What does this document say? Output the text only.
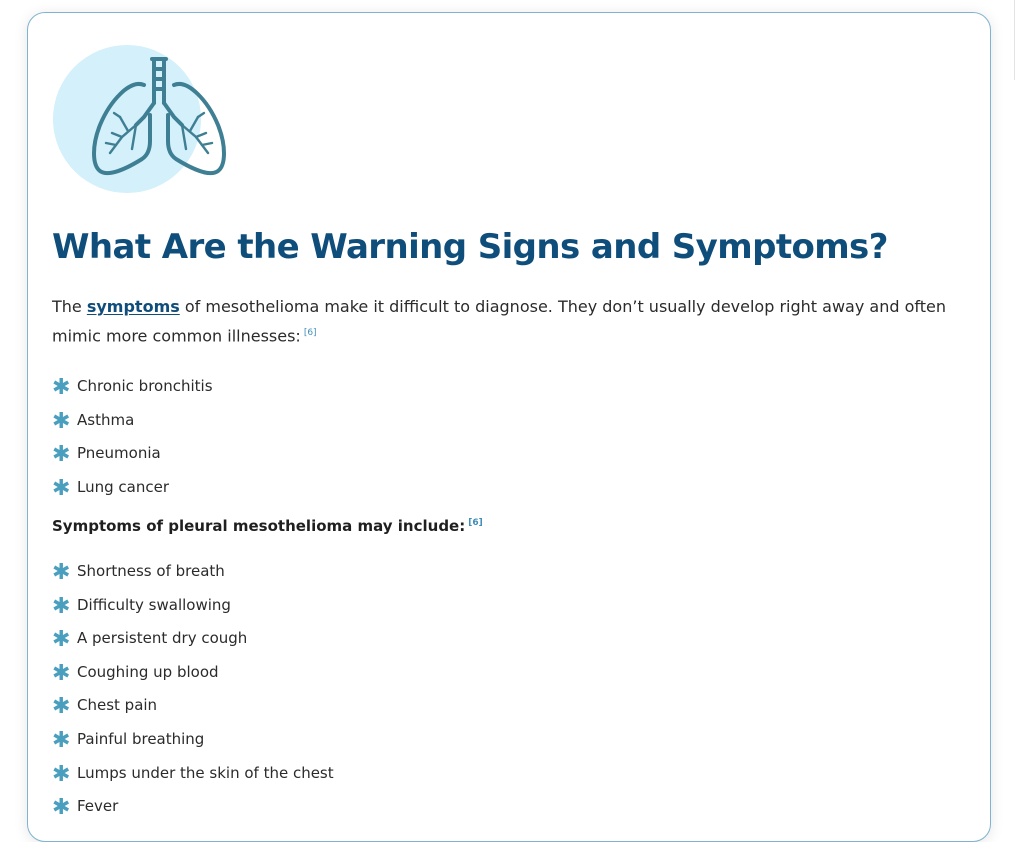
What Are the Warning Signs and Symptoms?

The symptoms of mesothelioma make it difficult to diagnose. They don’t usually develop right away and often mimic more common illnesses: [6]

✱ Chronic bronchitis
✱ Asthma
✱ Pneumonia
✱ Lung cancer

Symptoms of pleural mesothelioma may include: [6]

✱ Shortness of breath
✱ Difficulty swallowing
✱ A persistent dry cough
✱ Coughing up blood
✱ Chest pain
✱ Painful breathing
✱ Lumps under the skin of the chest
✱ Fever
